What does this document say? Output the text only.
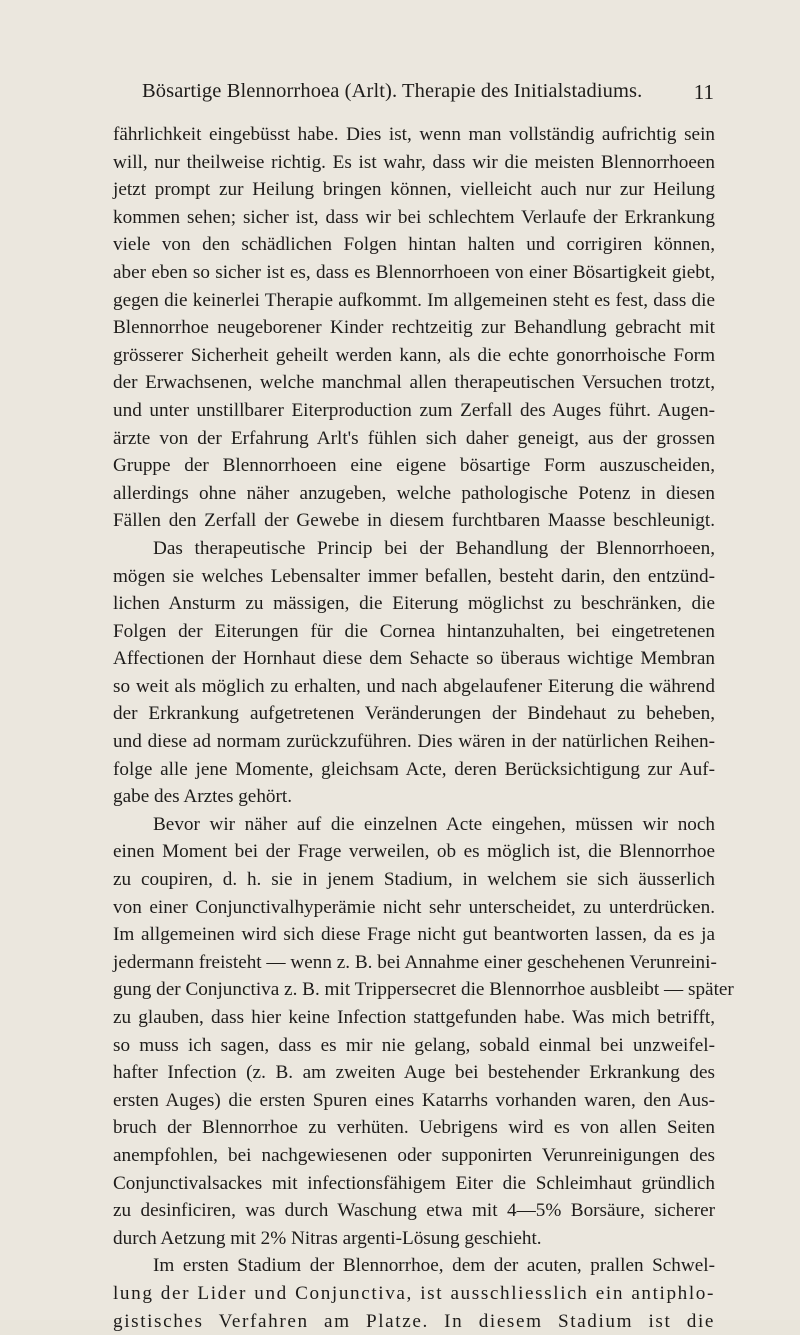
Bösartige Blennorrhoea (Arlt). Therapie des Initialstadiums. 11
fährlichkeit eingebüsst habe. Dies ist, wenn man vollständig aufrichtig sein
will, nur theilweise richtig. Es ist wahr, dass wir die meisten Blennorrhoeen
jetzt prompt zur Heilung bringen können, vielleicht auch nur zur Heilung
kommen sehen; sicher ist, dass wir bei schlechtem Verlaufe der Erkrankung
viele von den schädlichen Folgen hintan halten und corrigiren können,
aber eben so sicher ist es, dass es Blennorrhoeen von einer Bösartigkeit giebt,
gegen die keinerlei Therapie aufkommt. Im allgemeinen steht es fest, dass die
Blennorrhoe neugeborener Kinder rechtzeitig zur Behandlung gebracht mit
grösserer Sicherheit geheilt werden kann, als die echte gonorrhoische Form
der Erwachsenen, welche manchmal allen therapeutischen Versuchen trotzt,
und unter unstillbarer Eiterproduction zum Zerfall des Auges führt. Augen-
ärzte von der Erfahrung Arlt's fühlen sich daher geneigt, aus der grossen
Gruppe der Blennorrhoeen eine eigene bösartige Form auszuscheiden,
allerdings ohne näher anzugeben, welche pathologische Potenz in diesen
Fällen den Zerfall der Gewebe in diesem furchtbaren Maasse beschleunigt.
Das therapeutische Princip bei der Behandlung der Blennorrhoeen,
mögen sie welches Lebensalter immer befallen, besteht darin, den entzünd-
lichen Ansturm zu mässigen, die Eiterung möglichst zu beschränken, die
Folgen der Eiterungen für die Cornea hintanzuhalten, bei eingetretenen
Affectionen der Hornhaut diese dem Sehacte so überaus wichtige Membran
so weit als möglich zu erhalten, und nach abgelaufener Eiterung die während
der Erkrankung aufgetretenen Veränderungen der Bindehaut zu beheben,
und diese ad normam zurückzuführen. Dies wären in der natürlichen Reihen-
folge alle jene Momente, gleichsam Acte, deren Berücksichtigung zur Auf-
gabe des Arztes gehört.
Bevor wir näher auf die einzelnen Acte eingehen, müssen wir noch
einen Moment bei der Frage verweilen, ob es möglich ist, die Blennorrhoe
zu coupiren, d. h. sie in jenem Stadium, in welchem sie sich äusserlich
von einer Conjunctivalhyperämie nicht sehr unterscheidet, zu unterdrücken.
Im allgemeinen wird sich diese Frage nicht gut beantworten lassen, da es ja
jedermann freisteht — wenn z. B. bei Annahme einer geschehenen Verunreini-
gung der Conjunctiva z. B. mit Trippersecret die Blennorrhoe ausbleibt — später
zu glauben, dass hier keine Infection stattgefunden habe. Was mich betrifft,
so muss ich sagen, dass es mir nie gelang, sobald einmal bei unzweifel-
hafter Infection (z. B. am zweiten Auge bei bestehender Erkrankung des
ersten Auges) die ersten Spuren eines Katarrhs vorhanden waren, den Aus-
bruch der Blennorrhoe zu verhüten. Uebrigens wird es von allen Seiten
anempfohlen, bei nachgewiesenen oder supponirten Verunreinigungen des
Conjunctivalsackes mit infectionsfähigem Eiter die Schleimhaut gründlich
zu desinficiren, was durch Waschung etwa mit 4—5% Borsäure, sicherer
durch Aetzung mit 2% Nitras argenti-Lösung geschieht.
Im ersten Stadium der Blennorrhoe, dem der acuten, prallen Schwel-
lung der Lider und Conjunctiva, ist ausschliesslich ein antiphlo-
gistisches Verfahren am Platze. In diesem Stadium ist die
